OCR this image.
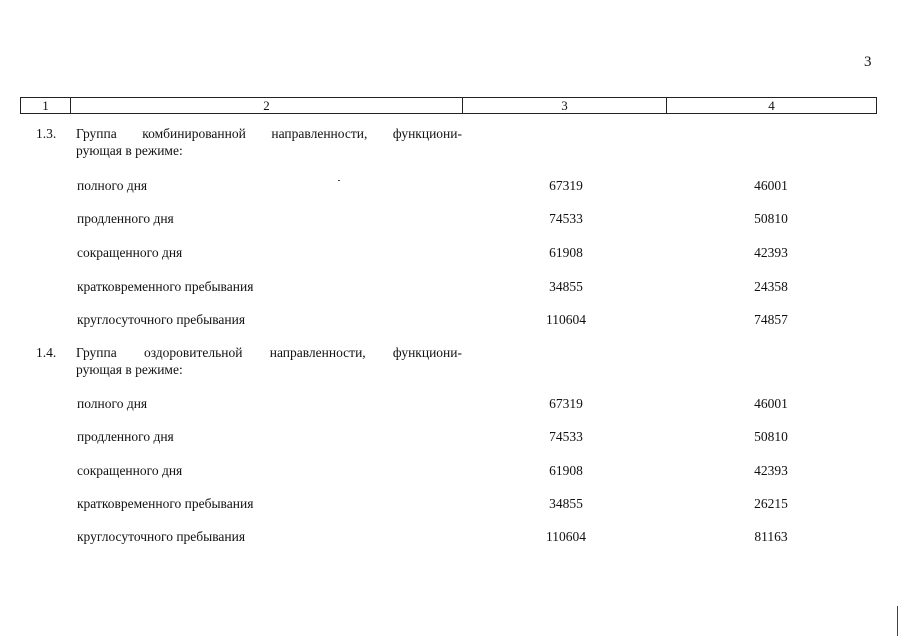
3
1	2	3	4
1.3. Группа комбинированной направленности, функциони-
рующая в режиме:
полного дня	67319	46001
продленного дня	74533	50810
сокращенного дня	61908	42393
кратковременного пребывания	34855	24358
круглосуточного пребывания	110604	74857
1.4. Группа оздоровительной направленности, функциони-
рующая в режиме:
полного дня	67319	46001
продленного дня	74533	50810
сокращенного дня	61908	42393
кратковременного пребывания	34855	26215
круглосуточного пребывания	110604	81163
